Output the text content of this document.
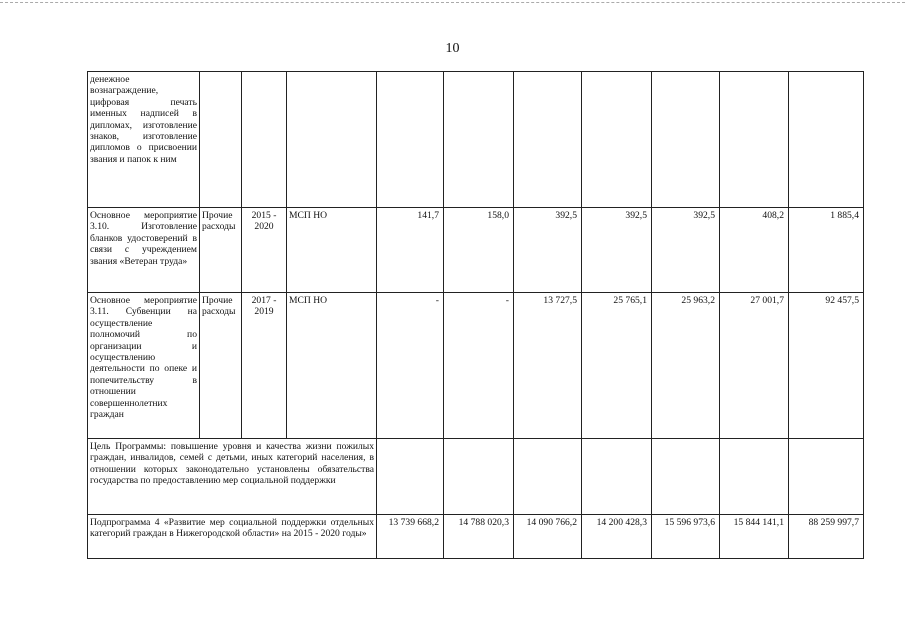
10
денежное вознаграждение, цифровая печать именных надписей в дипломах, изготовление знаков, изготовление дипломов о присвоении звания и папок к ним										
Основное мероприятие 3.10. Изготовление бланков удостоверений в связи с учреждением звания «Ветеран труда»	Прочие расходы	2015 - 2020	МСП НО	141,7	158,0	392,5	392,5	392,5	408,2	1 885,4
Основное мероприятие 3.11. Субвенции на осуществление полномочий по организации и осуществлению деятельности по опеке и попечительству в отношении совершеннолетних граждан	Прочие расходы	2017 - 2019	МСП НО	-	-	13 727,5	25 765,1	25 963,2	27 001,7	92 457,5
Цель Программы: повышение уровня и качества жизни пожилых граждан, инвалидов, семей с детьми, иных категорий населения, в отношении которых законодательно установлены обязательства государства по предоставлению мер социальной поддержки										
Подпрограмма 4 «Развитие мер социальной поддержки отдельных категорий граждан в Нижегородской области» на 2015 - 2020 годы»				13 739 668,2	14 788 020,3	14 090 766,2	14 200 428,3	15 596 973,6	15 844 141,1	88 259 997,7
